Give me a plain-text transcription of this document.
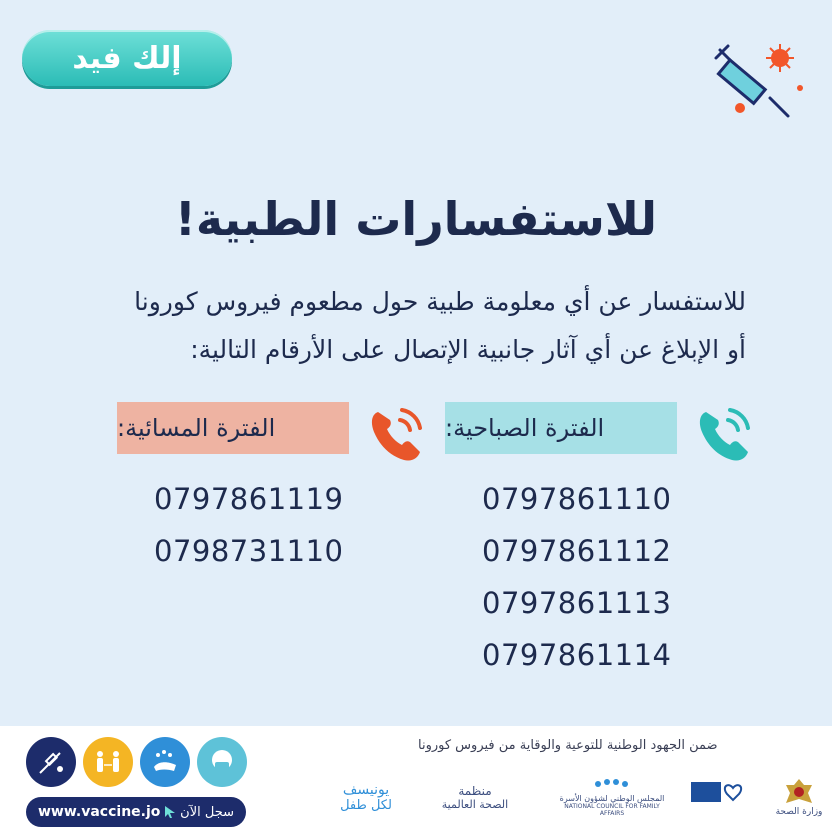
إلك فيد
للاستفسارات الطبية!
للاستفسار عن أي معلومة طبية حول مطعوم فيروس كورونا
أو الإبلاغ عن أي آثار جانبية الإتصال على الأرقام التالية:
الفترة الصباحية:
0797861110
0797861112
0797861113
0797861114
الفترة المسائية:
0797861119
0798731110
ضمن الجهود الوطنية للتوعية والوقاية من فيروس كورونا
www.vaccine.jo سجل الآن
يونيسف
لكل طفل
منظمة
الصحة العالمية	المجلس الوطني لشؤون الأسرة
NATIONAL COUNCIL FOR FAMILY AFFAIRS	وزارة الصحة
